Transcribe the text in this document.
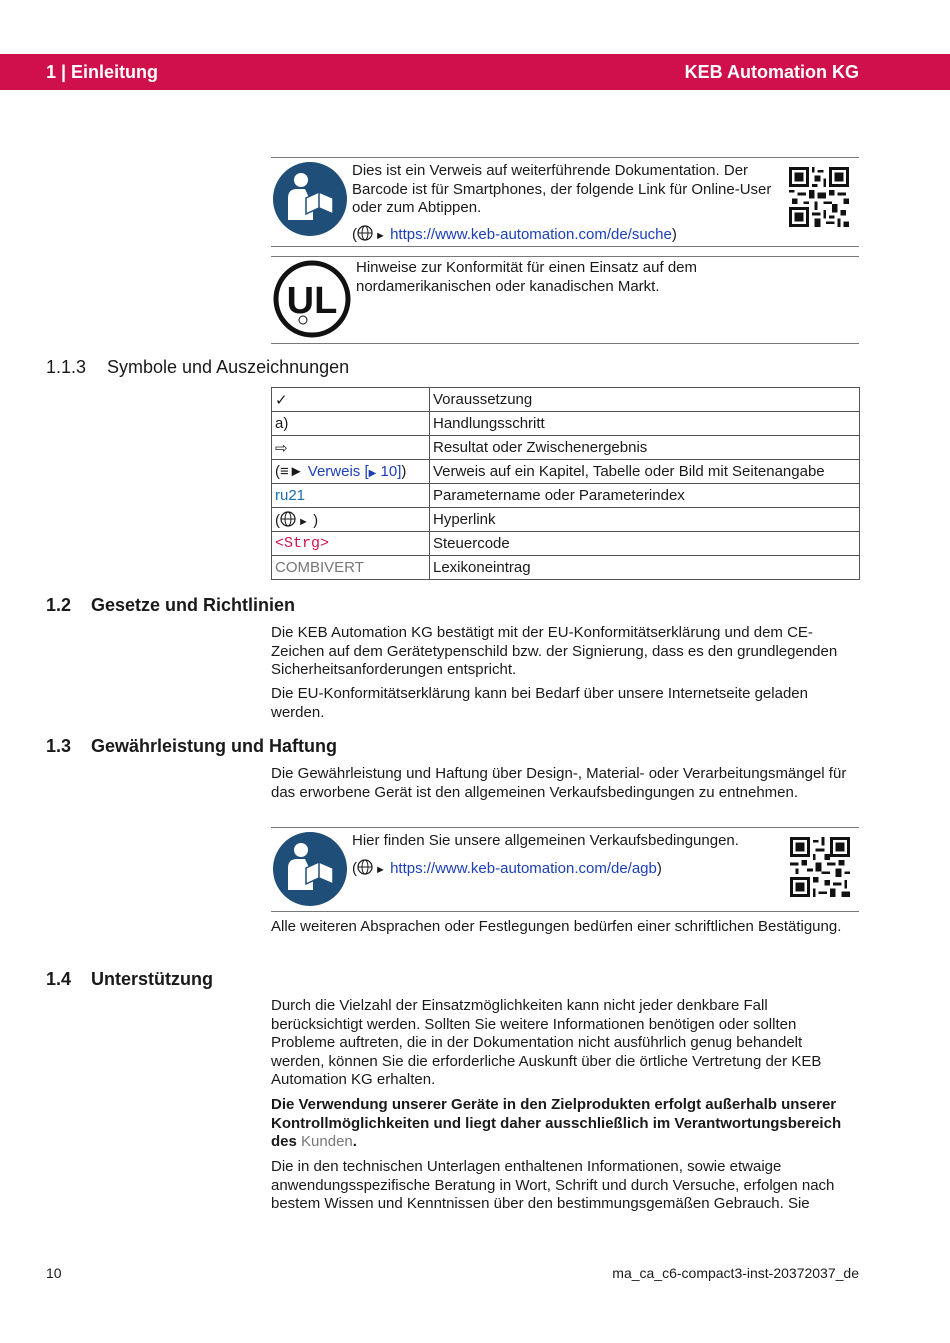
1 | Einleitung	KEB Automation KG
Dies ist ein Verweis auf weiterführende Dokumentation. Der Barcode ist für Smartphones, der folgende Link für Online-User oder zum Abtippen.
( ► https://www.keb-automation.com/de/suche)
UL
Hinweise zur Konformität für einen Einsatz auf dem nordamerikanischen oder kanadischen Markt.
1.1.3 Symbole und Auszeichnungen
✓	Voraussetzung
a)	Handlungsschritt
⇨	Resultat oder Zwischenergebnis
(≡► Verweis [▶ 10])	Verweis auf ein Kapitel, Tabelle oder Bild mit Seitenangabe
ru21	Parametername oder Parameterindex
( ► )	Hyperlink
<Strg>	Steuercode
COMBIVERT	Lexikoneintrag
1.2 Gesetze und Richtlinien
Die KEB Automation KG bestätigt mit der EU-Konformitätserklärung und dem CE-Zeichen auf dem Gerätetypenschild bzw. der Signierung, dass es den grundlegenden Sicherheitsanforderungen entspricht.
Die EU-Konformitätserklärung kann bei Bedarf über unsere Internetseite geladen werden.
1.3 Gewährleistung und Haftung
Die Gewährleistung und Haftung über Design-, Material- oder Verarbeitungsmängel für das erworbene Gerät ist den allgemeinen Verkaufsbedingungen zu entnehmen.
Hier finden Sie unsere allgemeinen Verkaufsbedingungen.
( ► https://www.keb-automation.com/de/agb)
Alle weiteren Absprachen oder Festlegungen bedürfen einer schriftlichen Bestätigung.
1.4 Unterstützung
Durch die Vielzahl der Einsatzmöglichkeiten kann nicht jeder denkbare Fall berücksichtigt werden. Sollten Sie weitere Informationen benötigen oder sollten Probleme auftreten, die in der Dokumentation nicht ausführlich genug behandelt werden, können Sie die erforderliche Auskunft über die örtliche Vertretung der KEB Automation KG erhalten.
Die Verwendung unserer Geräte in den Zielprodukten erfolgt außerhalb unserer Kontrollmöglichkeiten und liegt daher ausschließlich im Verantwortungsbereich des Kunden.
Die in den technischen Unterlagen enthaltenen Informationen, sowie etwaige anwendungsspezifische Beratung in Wort, Schrift und durch Versuche, erfolgen nach bestem Wissen und Kenntnissen über den bestimmungsgemäßen Gebrauch. Sie
10	ma_ca_c6-compact3-inst-20372037_de
